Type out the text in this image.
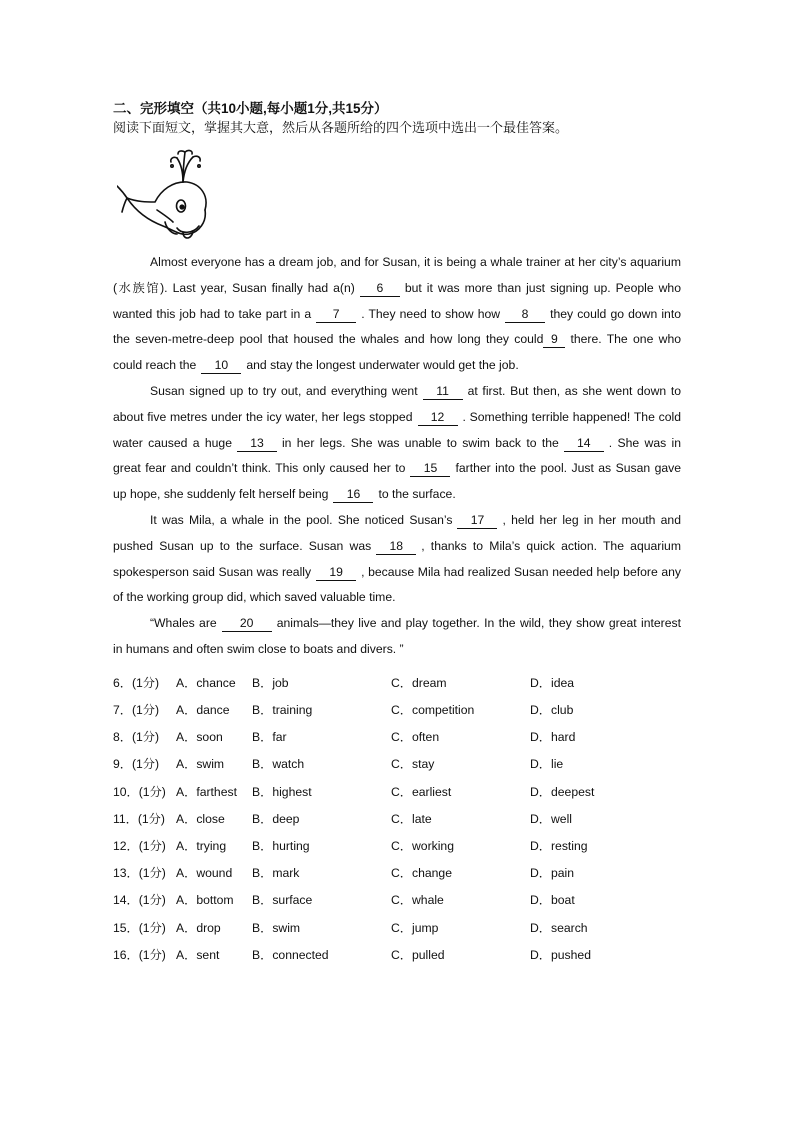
二、完形填空（共10小题,每小题1分,共15分）

阅读下面短文，掌握其大意，然后从各题所给的四个选项中选出一个最佳答案。

Almost everyone has a dream job, and for Susan, it is being a whale trainer at her city’s aquarium (水族馆). Last year, Susan finally had a(n) 6 but it was more than just signing up. People who wanted this job had to take part in a 7 . They need to show how 8 they could go down into the seven-metre-deep pool that housed the whales and how long they could 9 there. The one who could reach the 10 and stay the longest underwater would get the job.

Susan signed up to try out, and everything went 11 at first. But then, as she went down to about five metres under the icy water, her legs stopped 12 . Something terrible happened! The cold water caused a huge 13 in her legs. She was unable to swim back to the 14 . She was in great fear and couldn’t think. This only caused her to 15 farther into the pool. Just as Susan gave up hope, she suddenly felt herself being 16 to the surface.

It was Mila, a whale in the pool. She noticed Susan’s 17 , held her leg in her mouth and pushed Susan up to the surface. Susan was 18 , thanks to Mila’s quick action. The aquarium spokesperson said Susan was really 19 , because Mila had realized Susan needed help before any of the working group did, which saved valuable time.

“Whales are 20 animals—they live and play together. In the wild, they show great interest in humans and often swim close to boats and divers. ”

6．(1分)	A．chance	B．job	C．dream	D．idea
7．(1分)	A．dance	B．training	C．competition	D．club
8．(1分)	A．soon	B．far	C．often	D．hard
9．(1分)	A．swim	B．watch	C．stay	D．lie
10．(1分) A．farthest	B．highest	C．earliest	D．deepest
11．(1分) A．close	B．deep	C．late	D．well
12．(1分) A．trying	B．hurting	C．working	D．resting
13．(1分) A．wound	B．mark	C．change	D．pain
14．(1分) A．bottom	B．surface	C．whale	D．boat
15．(1分) A．drop	B．swim	C．jump	D．search
16．(1分) A．sent	B．connected	C．pulled	D．pushed
